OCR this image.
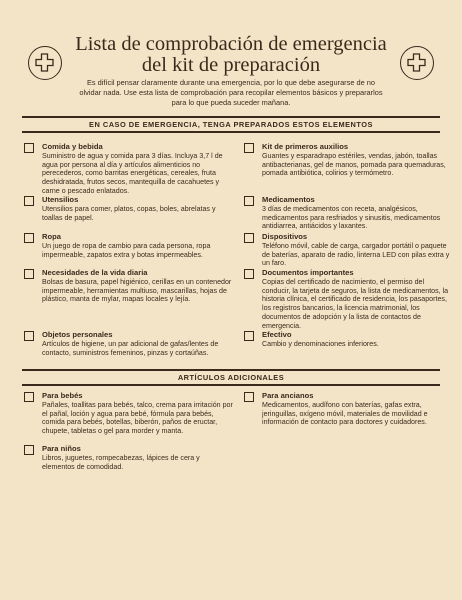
Lista de comprobación de emergencia del kit de preparación

Es difícil pensar claramente durante una emergencia, por lo que debe asegurarse de no olvidar nada. Use esta lista de comprobación para recopilar elementos básicos y prepararlos para lo que pueda suceder mañana.

EN CASO DE EMERGENCIA, TENGA PREPARADOS ESTOS ELEMENTOS
Comida y bebida
Suministro de agua y comida para 3 días. Incluya 3,7 l de agua por persona al día y artículos alimenticios no perecederos, como barritas energéticas, cereales, fruta deshidratada, frutos secos, mantequilla de cacahuetes y carne o pescado enlatados.
Kit de primeros auxilios
Guantes y esparadrapo estériles, vendas, jabón, toallas antibacterianas, gel de manos, pomada para quemaduras, pomada antibiótica, colirios y termómetro.
Utensilios
Utensilios para comer, platos, copas, boles, abrelatas y toallas de papel.
Medicamentos
3 días de medicamentos con receta, analgésicos, medicamentos para resfriados y sinusitis, medicamentos antidiarrea, antiácidos y laxantes.
Ropa
Un juego de ropa de cambio para cada persona, ropa impermeable, zapatos extra y botas impermeables.
Dispositivos
Teléfono móvil, cable de carga, cargador portátil o paquete de baterías, aparato de radio, linterna LED con pilas extra y un faro.
Necesidades de la vida diaria
Bolsas de basura, papel higiénico, cerillas en un contenedor impermeable, herramientas multiuso, mascarillas, hojas de plástico, manta de mylar, mapas locales y lejía.
Documentos importantes
Copias del certificado de nacimiento, el permiso del conducir, la tarjeta de seguros, la lista de medicamentos, la historia clínica, el certificado de residencia, los pasaportes, los registros bancarios, la licencia matrimonial, los documentos de adopción y la lista de contactos de emergencia.
Objetos personales
Artículos de higiene, un par adicional de gafas/lentes de contacto, suministros femeninos, pinzas y cortaúñas.
Efectivo
Cambio y denominaciones inferiores.
ARTÍCULOS ADICIONALES
Para bebés
Pañales, toallitas para bebés, talco, crema para irritación por el pañal, loción y agua para bebé, fórmula para bebés, comida para bebés, botellas, biberón, paños de eructar, chupete, tabletas o gel para morder y manta.
Para ancianos
Medicamentos, audífono con baterías, gafas extra, jeringuillas, oxígeno móvil, materiales de movilidad e información de contacto para doctores y cuidadores.
Para niños
Libros, juguetes, rompecabezas, lápices de cera y elementos de comodidad.
